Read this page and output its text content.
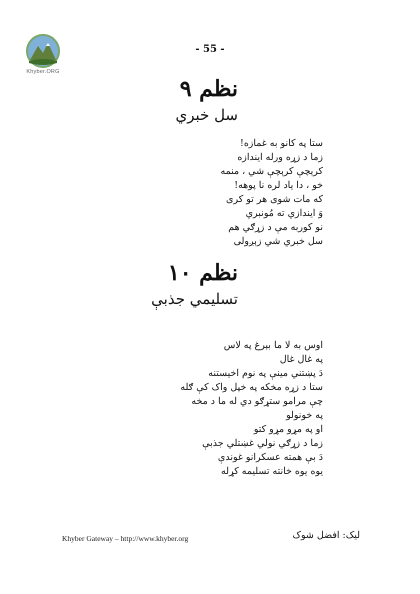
Khyber.ORG
- 55 -
نظم ۹
سل خبري
ستا په کانو به غمازه!
زما د زړه ورله ایندازه
کرېچې کرېچې شي ، منمه
خو ، دا یاد لره نا پوهه!
که مات شوی هر تو کری
وَ ایندازي ته مُونبري
نو کوربه مې د زړګي هم
سل خبري شي زېږولی
نظم ۱۰
تسلیمي جذبې
اوس به لا ما بېرغ په لاس
په غال غال
دَ پښتني مینې په نوم اخیستنه
ستا د زړه مخکه په خپل واک کې ګله
چې مرامو ستړګو دي له ما د مخه
په خونولو
او په مړو مړو کتو
زما د زړګي نولي غښتلي جذبې
دَ بې همته عسکرانو غوندې
یوه یوه خانته تسلیمه کړله
Khyber Gateway – http://www.khyber.org	لیک: افضل شوک
